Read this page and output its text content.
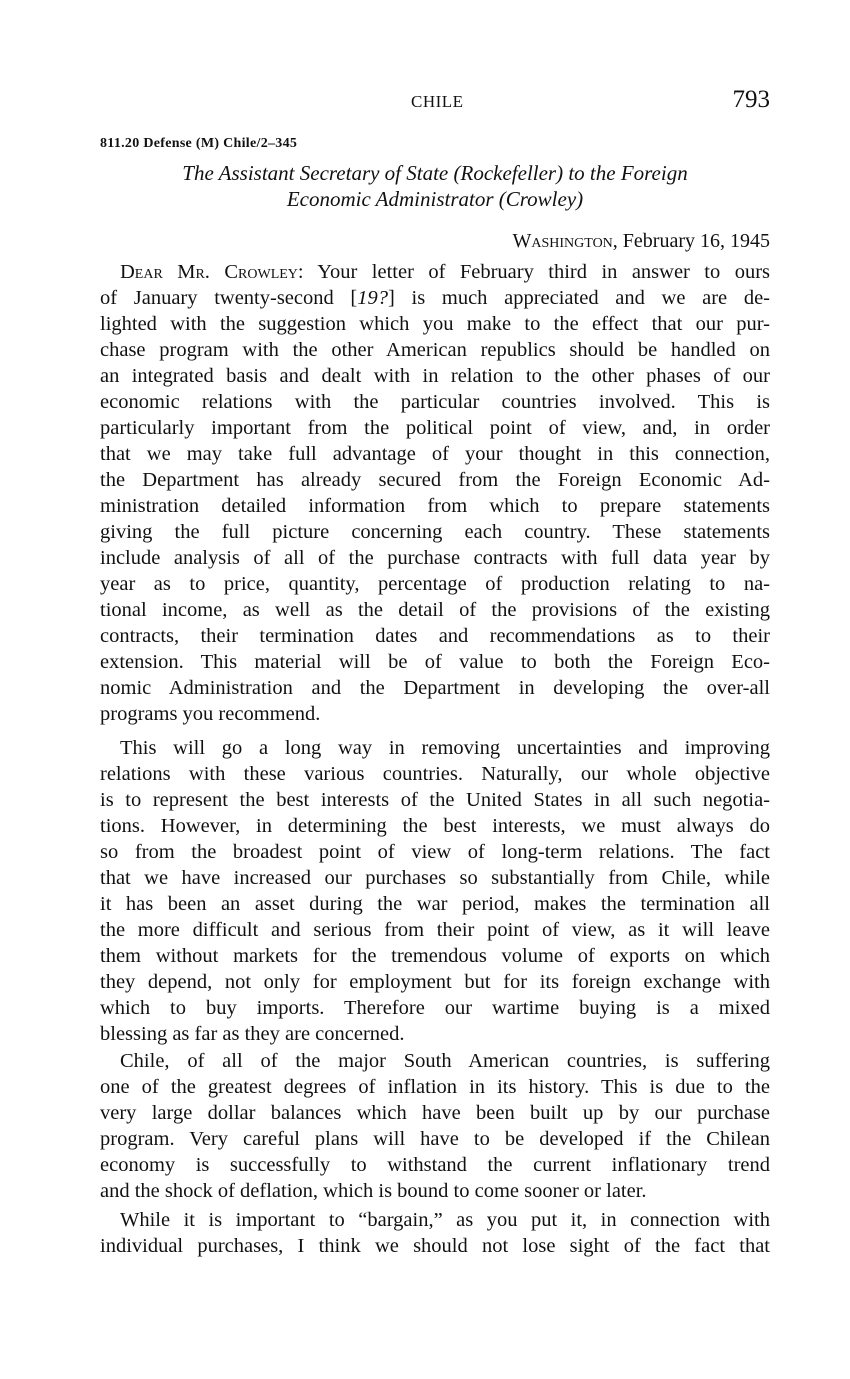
CHILE	793
811.20 Defense (M) Chile/2–345
The Assistant Secretary of State (Rockefeller) to the Foreign
Economic Administrator (Crowley)
Washington, February 16, 1945
Dear Mr. Crowley: Your letter of February third in answer to ours
of January twenty-second [19?] is much appreciated and we are de-
lighted with the suggestion which you make to the effect that our pur-
chase program with the other American republics should be handled on
an integrated basis and dealt with in relation to the other phases of our
economic relations with the particular countries involved. This is
particularly important from the political point of view, and, in order
that we may take full advantage of your thought in this connection,
the Department has already secured from the Foreign Economic Ad-
ministration detailed information from which to prepare statements
giving the full picture concerning each country. These statements
include analysis of all of the purchase contracts with full data year by
year as to price, quantity, percentage of production relating to na-
tional income, as well as the detail of the provisions of the existing
contracts, their termination dates and recommendations as to their
extension. This material will be of value to both the Foreign Eco-
nomic Administration and the Department in developing the over-all
programs you recommend.
This will go a long way in removing uncertainties and improving
relations with these various countries. Naturally, our whole objective
is to represent the best interests of the United States in all such negotia-
tions. However, in determining the best interests, we must always do
so from the broadest point of view of long-term relations. The fact
that we have increased our purchases so substantially from Chile, while
it has been an asset during the war period, makes the termination all
the more difficult and serious from their point of view, as it will leave
them without markets for the tremendous volume of exports on which
they depend, not only for employment but for its foreign exchange with
which to buy imports. Therefore our wartime buying is a mixed
blessing as far as they are concerned.
Chile, of all of the major South American countries, is suffering
one of the greatest degrees of inflation in its history. This is due to the
very large dollar balances which have been built up by our purchase
program. Very careful plans will have to be developed if the Chilean
economy is successfully to withstand the current inflationary trend
and the shock of deflation, which is bound to come sooner or later.
While it is important to “bargain,” as you put it, in connection with
individual purchases, I think we should not lose sight of the fact that
